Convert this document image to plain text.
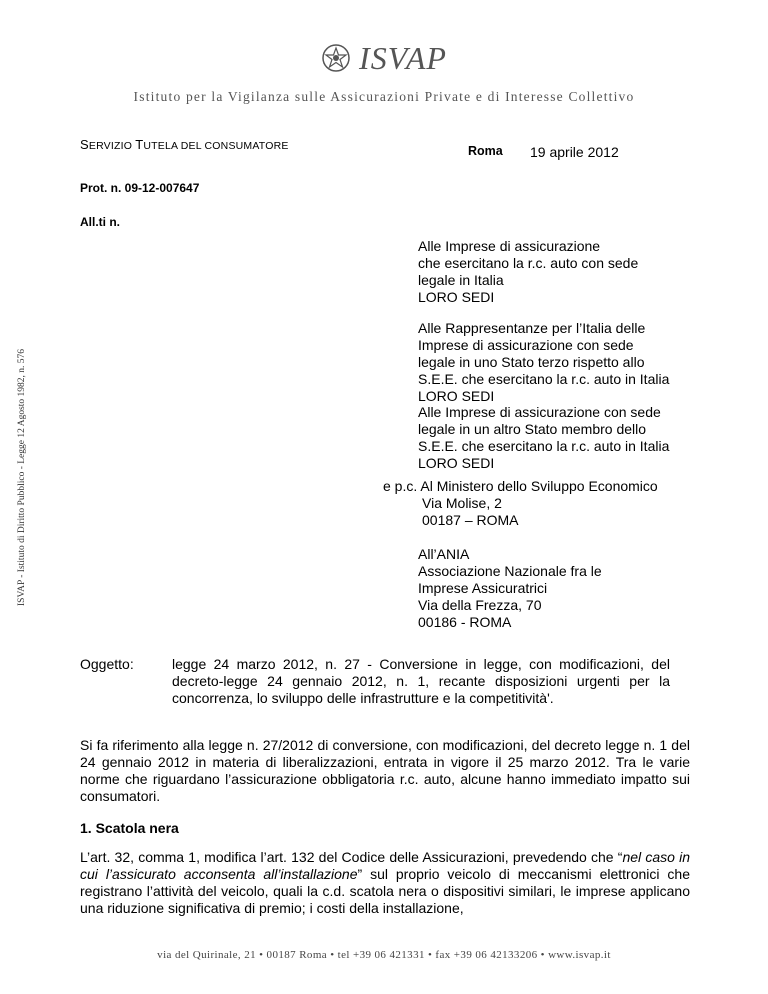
ISVAP
Istituto per la Vigilanza sulle Assicurazioni Private e di Interesse Collettivo
ISVAP - Istituto di Diritto Pubblico - Legge 12 Agosto 1982, n. 576
SERVIZIO TUTELA DEL CONSUMATORE	Roma 19 aprile 2012
Prot. n. 09-12-007647
All.ti n.
Alle Imprese di assicurazione
che esercitano la r.c. auto con sede
legale in Italia
LORO SEDI
Alle Rappresentanze per l’Italia delle
Imprese di assicurazione con sede
legale in uno Stato terzo rispetto allo
S.E.E. che esercitano la r.c. auto in Italia
LORO SEDI
Alle Imprese di assicurazione con sede
legale in un altro Stato membro dello
S.E.E. che esercitano la r.c. auto in Italia
LORO SEDI
e p.c. Al Ministero dello Sviluppo Economico
Via Molise, 2
00187 – ROMA
All’ANIA
Associazione Nazionale fra le
Imprese Assicuratrici
Via della Frezza, 70
00186 - ROMA
Oggetto:	legge 24 marzo 2012, n. 27 - Conversione in legge, con modificazioni, del decreto-legge 24 gennaio 2012, n. 1, recante disposizioni urgenti per la concorrenza, lo sviluppo delle infrastrutture e la competitività'.
Si fa riferimento alla legge n. 27/2012 di conversione, con modificazioni, del decreto legge n. 1 del 24 gennaio 2012 in materia di liberalizzazioni, entrata in vigore il 25 marzo 2012. Tra le varie norme che riguardano l’assicurazione obbligatoria r.c. auto, alcune hanno immediato impatto sui consumatori.
1. Scatola nera
L’art. 32, comma 1, modifica l’art. 132 del Codice delle Assicurazioni, prevedendo che “nel caso in cui l’assicurato acconsenta all’installazione” sul proprio veicolo di meccanismi elettronici che registrano l’attività del veicolo, quali la c.d. scatola nera o dispositivi similari, le imprese applicano una riduzione significativa di premio; i costi della installazione,
via del Quirinale, 21 • 00187 Roma • tel +39 06 421331 • fax +39 06 42133206 • www.isvap.it
